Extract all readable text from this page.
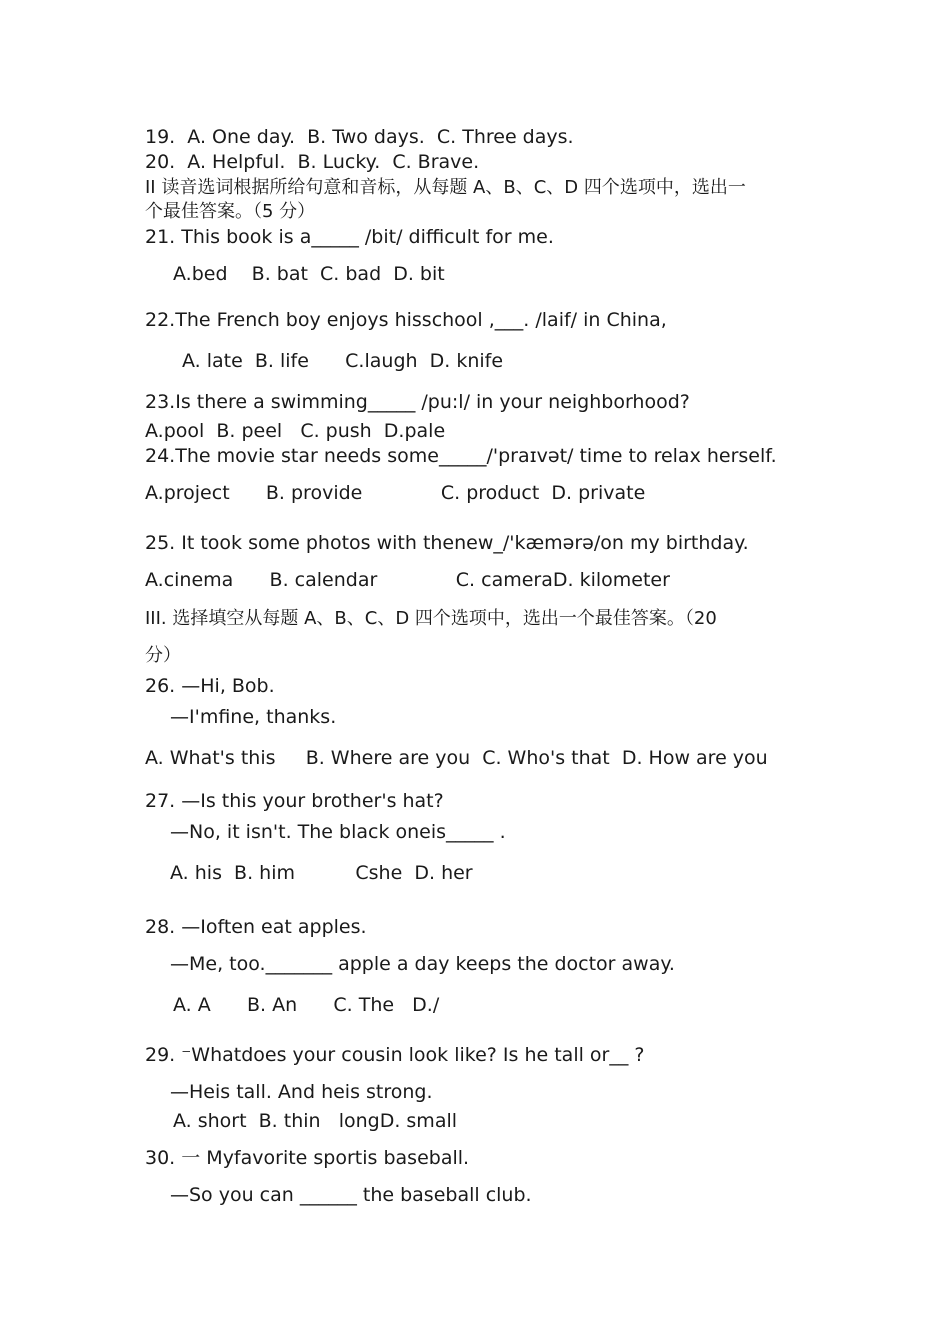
19.  A. One day.  B. Two days.  C. Three days.
20.  A. Helpful.  B. Lucky.  C. Brave.
II 读音选词根据所给句意和音标，从每题 A、B、C、D 四个选项中，选出一
个最佳答案。（5 分）
21. This book is a_____ /bit/ difficult for me.
A.bed    B. bat  C. bad  D. bit
22.The French boy enjoys hisschool ,___. /laif/ in China,
A. late  B. life      C.laugh  D. knife
23.Is there a swimming_____ /pu:l/ in your neighborhood?
A.pool  B. peel   C. push  D.pale
24.The movie star needs some_____/'praɪvət/ time to relax herself.
A.project      B. provide             C. product  D. private
25. It took some photos with thenew_/'kæmərə/on my birthday.
A.cinema      B. calendar             C. cameraD. kilometer
III. 选择填空从每题 A、B、C、D 四个选项中，选出一个最佳答案。（20
分）
26. —Hi, Bob.
—I'mfine, thanks.
A. What's this     B. Where are you  C. Who's that  D. How are you
27. —Is this your brother's hat?
—No, it isn't. The black oneis_____ .
A. his  B. him          Cshe  D. her
28. —Ioften eat apples.
—Me, too._______ apple a day keeps the doctor away.
A. A      B. An      C. The   D./
29. ⁻Whatdoes your cousin look like? Is he tall or__ ?
—Heis tall. And heis strong.
A. short  B. thin   longD. small
30. 一 Myfavorite sportis baseball.
—So you can ______ the baseball club.
